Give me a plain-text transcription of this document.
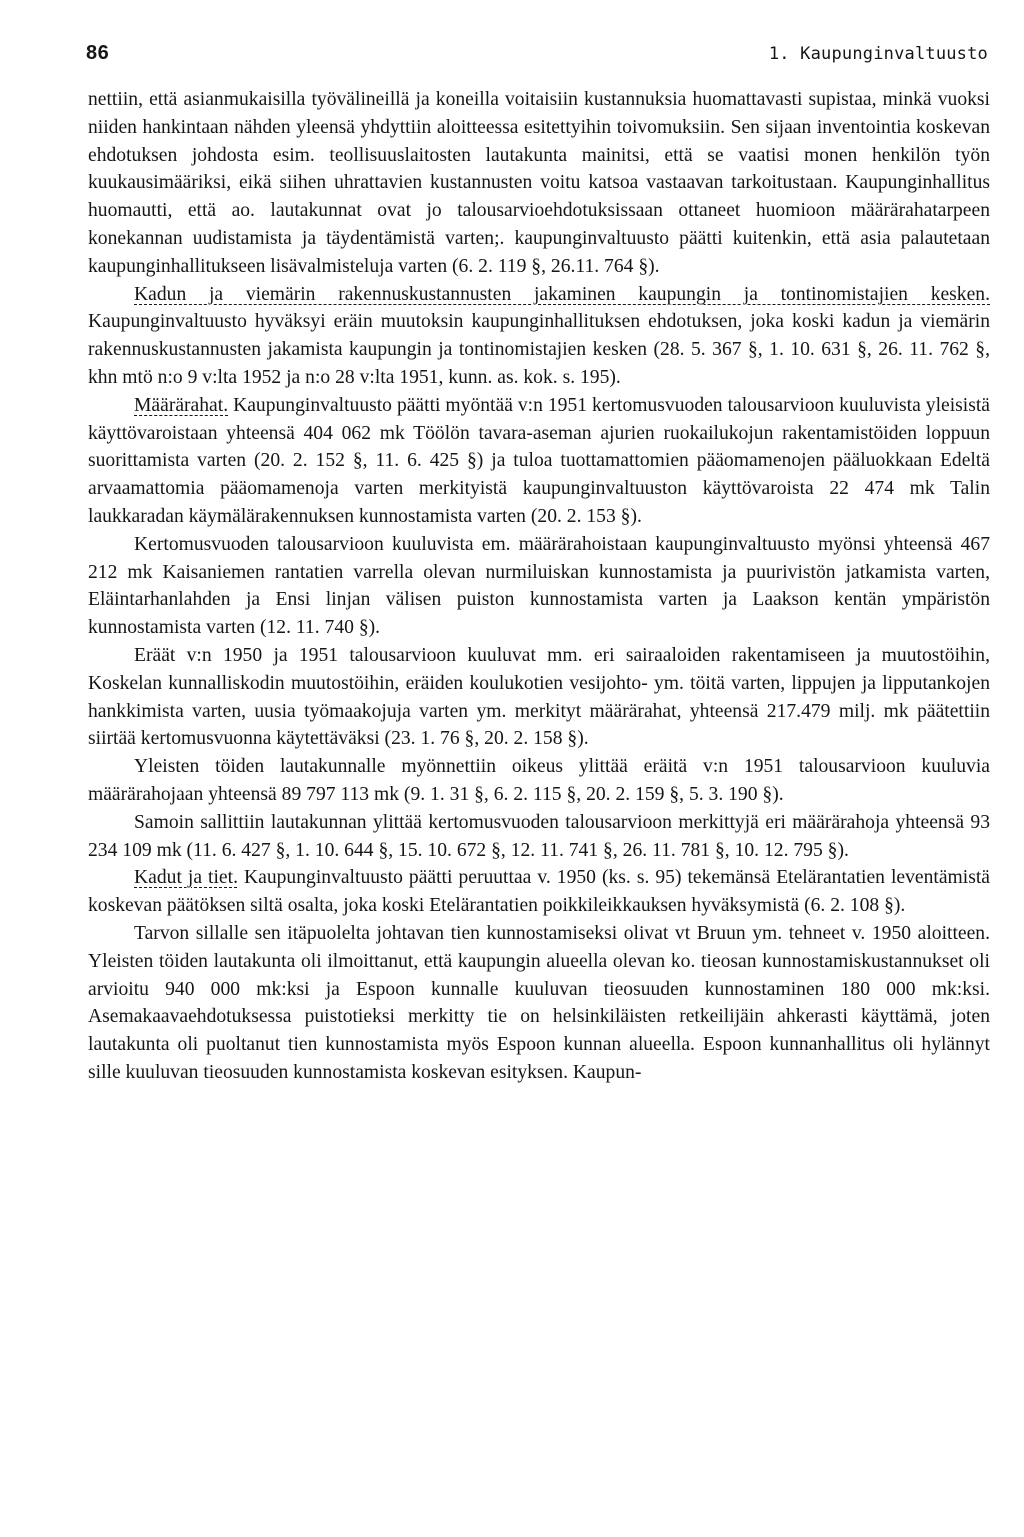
86	1. Kaupunginvaltuusto

nettiin, että asianmukaisilla työvälineillä ja koneilla voitaisiin kustannuksia huomattavasti supistaa, minkä vuoksi niiden hankintaan nähden yleensä yhdyttiin aloitteessa esitettyihin toivomuksiin. Sen sijaan inventointia koskevan ehdotuksen johdosta esim. teollisuuslaitosten lautakunta mainitsi, että se vaatisi monen henkilön työn kuukausimääriksi, eikä siihen uhrattavien kustannusten voitu katsoa vastaavan tarkoitustaan. Kaupunginhallitus huomautti, että ao. lautakunnat ovat jo talousarvioehdotuksissaan ottaneet huomioon määrärahatarpeen konekannan uudistamista ja täydentämistä varten;. kaupunginvaltuusto päätti kuitenkin, että asia palautetaan kaupunginhallitukseen lisävalmisteluja varten (6. 2. 119 §, 26.11. 764 §).

Kadun ja viemärin rakennuskustannusten jakaminen kaupungin ja tontinomistajien kesken. Kaupunginvaltuusto hyväksyi eräin muutoksin kaupunginhallituksen ehdotuksen, joka koski kadun ja viemärin rakennuskustannusten jakamista kaupungin ja tontinomistajien kesken (28. 5. 367 §, 1. 10. 631 §, 26. 11. 762 §, khn mtö n:o 9 v:lta 1952 ja n:o 28 v:lta 1951, kunn. as. kok. s. 195).

Määrärahat. Kaupunginvaltuusto päätti myöntää v:n 1951 kertomusvuoden talousarvioon kuuluvista yleisistä käyttövaroistaan yhteensä 404 062 mk Töölön tavara-aseman ajurien ruokailukojun rakentamistöiden loppuun suorittamista varten (20. 2. 152 §, 11. 6. 425 §) ja tuloa tuottamattomien pääomamenojen pääluokkaan Edeltä arvaamattomia pääomamenoja varten merkityistä kaupunginvaltuuston käyttövaroista 22 474 mk Talin laukkaradan käymälärakennuksen kunnostamista varten (20. 2. 153 §).

Kertomusvuoden talousarvioon kuuluvista em. määrärahoistaan kaupunginvaltuusto myönsi yhteensä 467 212 mk Kaisaniemen rantatien varrella olevan nurmiluiskan kunnostamista ja puurivistön jatkamista varten, Eläintarhanlahden ja Ensi linjan välisen puiston kunnostamista varten ja Laakson kentän ympäristön kunnostamista varten (12. 11. 740 §).

Eräät v:n 1950 ja 1951 talousarvioon kuuluvat mm. eri sairaaloiden rakentamiseen ja muutostöihin, Koskelan kunnalliskodin muutostöihin, eräiden koulukotien vesijohto- ym. töitä varten, lippujen ja lipputankojen hankkimista varten, uusia työmaakojuja varten ym. merkityt määrärahat, yhteensä 217.479 milj. mk päätettiin siirtää kertomusvuonna käytettäväksi (23. 1. 76 §, 20. 2. 158 §).

Yleisten töiden lautakunnalle myönnettiin oikeus ylittää eräitä v:n 1951 talousarvioon kuuluvia määrärahojaan yhteensä 89 797 113 mk (9. 1. 31 §, 6. 2. 115 §, 20. 2. 159 §, 5. 3. 190 §).

Samoin sallittiin lautakunnan ylittää kertomusvuoden talousarvioon merkittyjä eri määrärahoja yhteensä 93 234 109 mk (11. 6. 427 §, 1. 10. 644 §, 15. 10. 672 §, 12. 11. 741 §, 26. 11. 781 §, 10. 12. 795 §).

Kadut ja tiet. Kaupunginvaltuusto päätti peruuttaa v. 1950 (ks. s. 95) tekemänsä Etelärantatien leventämistä koskevan päätöksen siltä osalta, joka koski Etelärantatien poikkileikkauksen hyväksymistä (6. 2. 108 §).

Tarvon sillalle sen itäpuolelta johtavan tien kunnostamiseksi olivat vt Bruun ym. tehneet v. 1950 aloitteen. Yleisten töiden lautakunta oli ilmoittanut, että kaupungin alueella olevan ko. tieosan kunnostamiskustannukset oli arvioitu 940 000 mk:ksi ja Espoon kunnalle kuuluvan tieosuuden kunnostaminen 180 000 mk:ksi. Asemakaavaehdotuksessa puistotieksi merkitty tie on helsinkiläisten retkeilijäin ahkerasti käyttämä, joten lautakunta oli puoltanut tien kunnostamista myös Espoon kunnan alueella. Espoon kunnanhallitus oli hylännyt sille kuuluvan tieosuuden kunnostamista koskevan esityksen. Kaupun-
